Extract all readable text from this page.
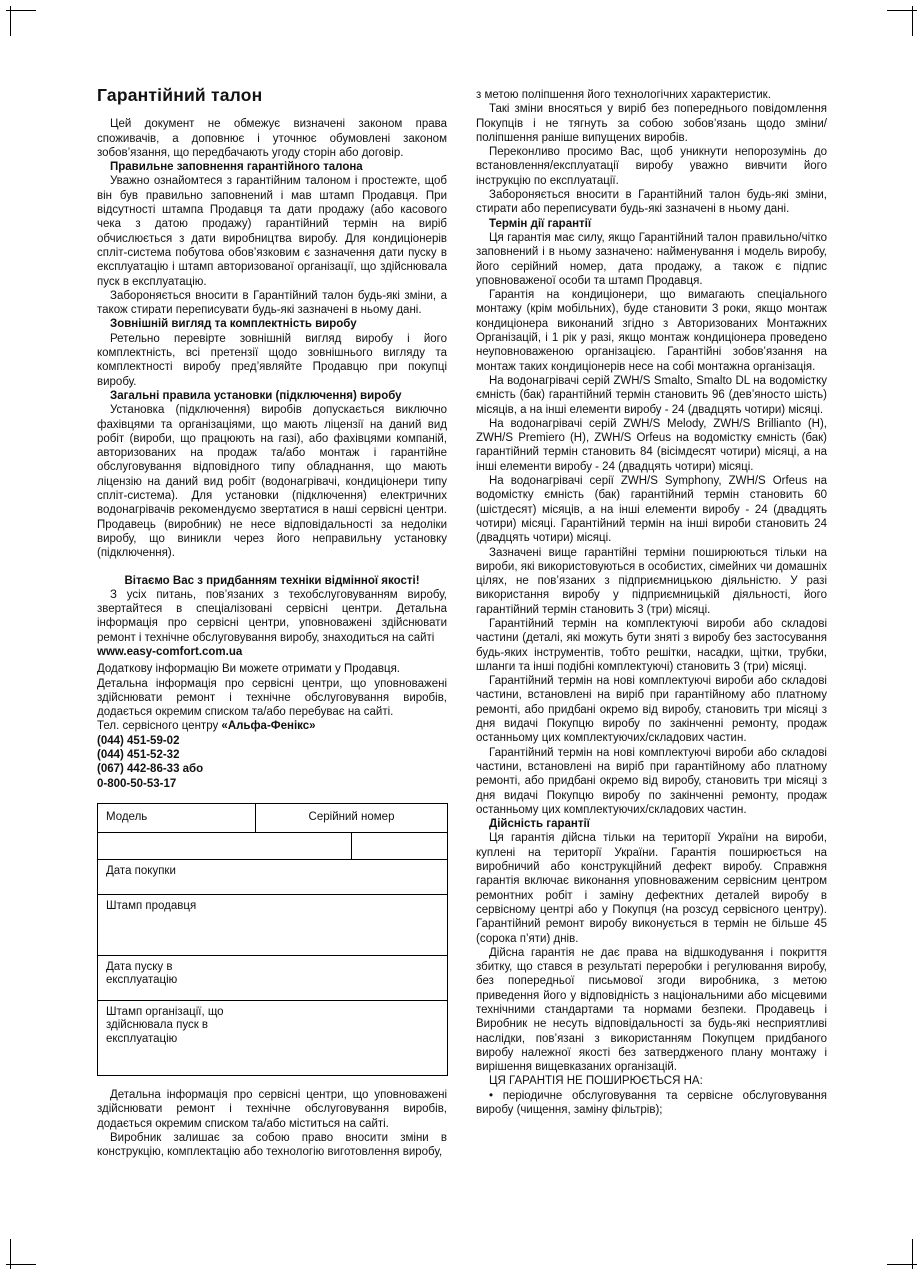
Гарантійний талон

Цей документ не обмежує визначені законом права споживачів, а доповнює і уточнює обумовлені законом зобов’язання, що передбачають угоду сторін або договір.

Правильне заповнення гарантійного талона

Уважно ознайомтеся з гарантійним талоном і простежте, щоб він був правильно заповнений і мав штамп Продавця. При відсутності штампа Продавця та дати продажу (або касового чека з датою продажу) гарантійний термін на виріб обчислюється з дати виробництва виробу. Для кондиціонерів спліт-система побутова обов’язковим є зазначення дати пуску в експлуатацію і штамп авторизованої організації, що здійснювала пуск в експлуатацію.

Забороняється вносити в Гарантійний талон будь-які зміни, а також стирати переписувати будь-які зазначені в ньому дані.

Зовнішній вигляд та комплектність виробу

Ретельно перевірте зовнішній вигляд виробу і його комплектність, всі претензії щодо зовнішнього вигляду та комплектності виробу пред’являйте Продавцю при покупці виробу.

Загальні правила установки (підключення) виробу

Установка (підключення) виробів допускається виключно фахівцями та організаціями, що мають ліцензії на даний вид робіт (вироби, що працюють на газі), або фахівцями компаній, авторизованих на продаж та/або монтаж і гарантійне обслуговування відповідного типу обладнання, що мають ліцензію на даний вид робіт (водонагрівачі, кондиціонери типу спліт-система). Для установки (підключення) електричних водонагрівачів рекомендуємо звертатися в наші сервісні центри. Продавець (виробник) не несе відповідальності за недоліки виробу, що виникли через його неправильну установку (підключення).

Вітаємо Вас з придбанням техніки відмінної якості!

З усіх питань, пов’язаних з техобслуговуванням виробу, звертайтеся в спеціалізовані сервісні центри. Детальна інформація про сервісні центри, уповноважені здійснювати ремонт і технічне обслуговування виробу, знаходиться на сайті

www.easy-comfort.com.ua

Додаткову інформацію Ви можете отримати у Продавця.

Детальна інформація про сервісні центри, що уповноважені здійснювати ремонт і технічне обслуговування виробів, додається окремим списком та/або перебуває на сайті.

Тел. сервісного центру «Альфа-Фенікс»

(044) 451-59-02

(044) 451-52-32

(067) 442-86-33 або

0-800-50-53-17

Модель	Серійний номер	

Дата покупки		
Штамп продавця		
Дата пуску в експлуатацію		
Штамп організації, що здійснювала пуск в експлуатацію		

Детальна інформація про сервісні центри, що уповноважені здійснювати ремонт і технічне обслуговування виробів, додається окремим списком та/або міститься на сайті.

Виробник залишає за собою право вносити зміни в конструкцію, комплектацію або технологію виготовлення виробу,

з метою поліпшення його технологічних характеристик.

Такі зміни вносяться у виріб без попереднього повідомлення Покупців і не тягнуть за собою зобов’язань щодо зміни/поліпшення раніше випущених виробів.

Переконливо просимо Вас, щоб уникнути непорозумінь до встановлення/експлуатації виробу уважно вивчити його інструкцію по експлуатації.

Забороняється вносити в Гарантійний талон будь-які зміни, стирати або переписувати будь-які зазначені в ньому дані.

Термін дії гарантії

Ця гарантія має силу, якщо Гарантійний талон правильно/чітко заповнений і в ньому зазначено: найменування і модель виробу, його серійний номер, дата продажу, а також є підпис уповноваженої особи та штамп Продавця.

Гарантія на кондиціонери, що вимагають спеціального монтажу (крім мобільних), буде становити 3 роки, якщо монтаж кондиціонера виконаний згідно з Авторизованих Монтажних Організацій, і 1 рік у разі, якщо монтаж кондиціонера проведено неуповноваженою організацією. Гарантійні зобов’язання на монтаж таких кондиціонерів несе на собі монтажна організація.

На водонагрівачі серій ZWH/S Smalto, Smalto DL на водомістку ємність (бак) гарантійний термін становить 96 (дев’яносто шість) місяців, а на інші елементи виробу - 24 (двадцять чотири) місяці.

На водонагрівачі серій ZWH/S Melody, ZWH/S Brillianto (H), ZWH/S Premiero (H), ZWH/S Orfeus на водомістку ємність (бак) гарантійний термін становить 84 (вісімдесят чотири) місяці, а на інші елементи виробу - 24 (двадцять чотири) місяці.

На водонагрівачі серії ZWH/S Symphony, ZWH/S Orfeus на водомістку ємність (бак) гарантійний термін становить 60 (шістдесят) місяців, а на інші елементи виробу - 24 (двадцять чотири) місяці. Гарантійний термін на інші вироби становить 24 (двадцять чотири) місяці.

Зазначені вище гарантійні терміни поширюються тільки на вироби, які використовуються в особистих, сімейних чи домашніх цілях, не пов’язаних з підприємницькою діяльністю. У разі використання виробу у підприємницькій діяльності, його гарантійний термін становить 3 (три) місяці.

Гарантійний термін на комплектуючі вироби або складові частини (деталі, які можуть бути зняті з виробу без застосування будь-яких інструментів, тобто решітки, насадки, щітки, трубки, шланги та інші подібні комплектуючі) становить 3 (три) місяці.

Гарантійний термін на нові комплектуючі вироби або складові частини, встановлені на виріб при гарантійному або платному ремонті, або придбані окремо від виробу, становить три місяці з дня видачі Покупцю виробу по закінченні ремонту, продаж останньому цих комплектуючих/складових частин.

Гарантійний термін на нові комплектуючі вироби або складові частини, встановлені на виріб при гарантійному або платному ремонті, або придбані окремо від виробу, становить три місяці з дня видачі Покупцю виробу по закінченні ремонту, продаж останньому цих комплектуючих/складових частин.

Дійсність гарантії

Ця гарантія дійсна тільки на території України на вироби, куплені на території України. Гарантія поширюється на виробничий або конструкційний дефект виробу. Справжня гарантія включає виконання уповноваженим сервісним центром ремонтних робіт і заміну дефектних деталей виробу в сервісному центрі або у Покупця (на розсуд сервісного центру). Гарантійний ремонт виробу виконується в термін не більше 45 (сорока п’яти) днів.

Дійсна гарантія не дає права на відшкодування і покриття збитку, що стався в результаті переробки і регулювання виробу, без попередньої письмової згоди виробника, з метою приведення його у відповідність з національними або місцевими технічними стандартами та нормами безпеки. Продавець і Виробник не несуть відповідальності за будь-які несприятливі наслідки, пов’язані з використанням Покупцем придбаного виробу належної якості без затвердженого плану монтажу і вирішення вищевказаних організацій.

ЦЯ ГАРАНТІЯ НЕ ПОШИРЮЄТЬСЯ НА:

• періодичне обслуговування та сервісне обслуговування виробу (чищення, заміну фільтрів);
